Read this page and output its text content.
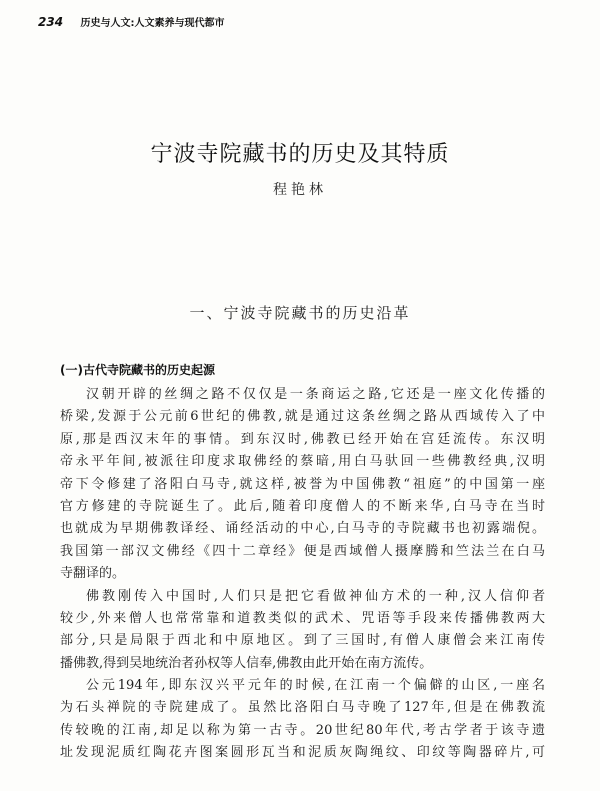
234 历史与人文:人文素养与现代都市
宁波寺院藏书的历史及其特质
程艳林
一、宁波寺院藏书的历史沿革
(一)古代寺院藏书的历史起源
汉朝开辟的丝绸之路不仅仅是一条商运之路,它还是一座文化传播的
桥梁,发源于公元前6世纪的佛教,就是通过这条丝绸之路从西域传入了中
原,那是西汉末年的事情。到东汉时,佛教已经开始在宫廷流传。东汉明
帝永平年间,被派往印度求取佛经的蔡暗,用白马驮回一些佛教经典,汉明
帝下令修建了洛阳白马寺,就这样,被誉为中国佛教“祖庭”的中国第一座
官方修建的寺院诞生了。此后,随着印度僧人的不断来华,白马寺在当时
也就成为早期佛教译经、诵经活动的中心,白马寺的寺院藏书也初露端倪。
我国第一部汉文佛经《四十二章经》便是西域僧人摄摩腾和竺法兰在白马
寺翻译的。
佛教刚传入中国时,人们只是把它看做神仙方术的一种,汉人信仰者
较少,外来僧人也常常靠和道教类似的武术、咒语等手段来传播佛教两大
部分,只是局限于西北和中原地区。到了三国时,有僧人康僧会来江南传
播佛教,得到吴地统治者孙权等人信奉,佛教由此开始在南方流传。
公元194年,即东汉兴平元年的时候,在江南一个偏僻的山区,一座名
为石头禅院的寺院建成了。虽然比洛阳白马寺晚了127年,但是在佛教流
传较晚的江南,却足以称为第一古寺。20世纪80年代,考古学者于该寺遗
址发现泥质红陶花卉图案圆形瓦当和泥质灰陶绳纹、印纹等陶器碎片,可
